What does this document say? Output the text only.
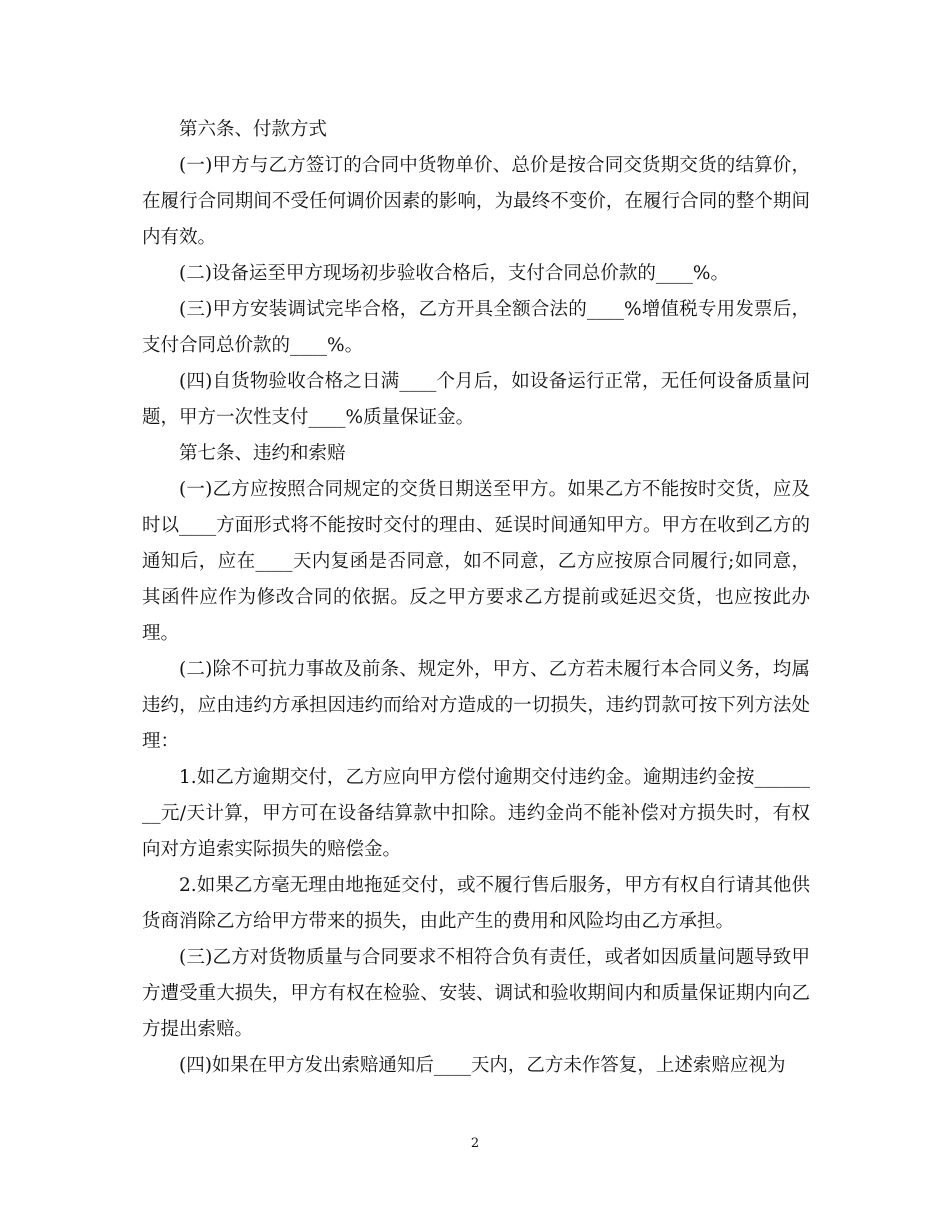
第六条、付款方式

(一)甲方与乙方签订的合同中货物单价、总价是按合同交货期交货的结算价，在履行合同期间不受任何调价因素的影响，为最终不变价，在履行合同的整个期间内有效。

(二)设备运至甲方现场初步验收合格后，支付合同总价款的____%。

(三)甲方安装调试完毕合格，乙方开具全额合法的____%增值税专用发票后，支付合同总价款的____%。

(四)自货物验收合格之日满____个月后，如设备运行正常，无任何设备质量问题，甲方一次性支付____%质量保证金。

第七条、违约和索赔

(一)乙方应按照合同规定的交货日期送至甲方。如果乙方不能按时交货，应及时以____方面形式将不能按时交付的理由、延误时间通知甲方。甲方在收到乙方的通知后，应在____天内复函是否同意，如不同意，乙方应按原合同履行;如同意，其函件应作为修改合同的依据。反之甲方要求乙方提前或延迟交货，也应按此办理。

(二)除不可抗力事故及前条、规定外，甲方、乙方若未履行本合同义务，均属违约，应由违约方承担因违约而给对方造成的一切损失，违约罚款可按下列方法处理：

1.如乙方逾期交付，乙方应向甲方偿付逾期交付违约金。逾期违约金按________元/天计算，甲方可在设备结算款中扣除。违约金尚不能补偿对方损失时，有权向对方追索实际损失的赔偿金。

2.如果乙方毫无理由地拖延交付，或不履行售后服务，甲方有权自行请其他供货商消除乙方给甲方带来的损失，由此产生的费用和风险均由乙方承担。

(三)乙方对货物质量与合同要求不相符合负有责任，或者如因质量问题导致甲方遭受重大损失，甲方有权在检验、安装、调试和验收期间内和质量保证期内向乙方提出索赔。

(四)如果在甲方发出索赔通知后____天内，乙方未作答复，上述索赔应视为

2
